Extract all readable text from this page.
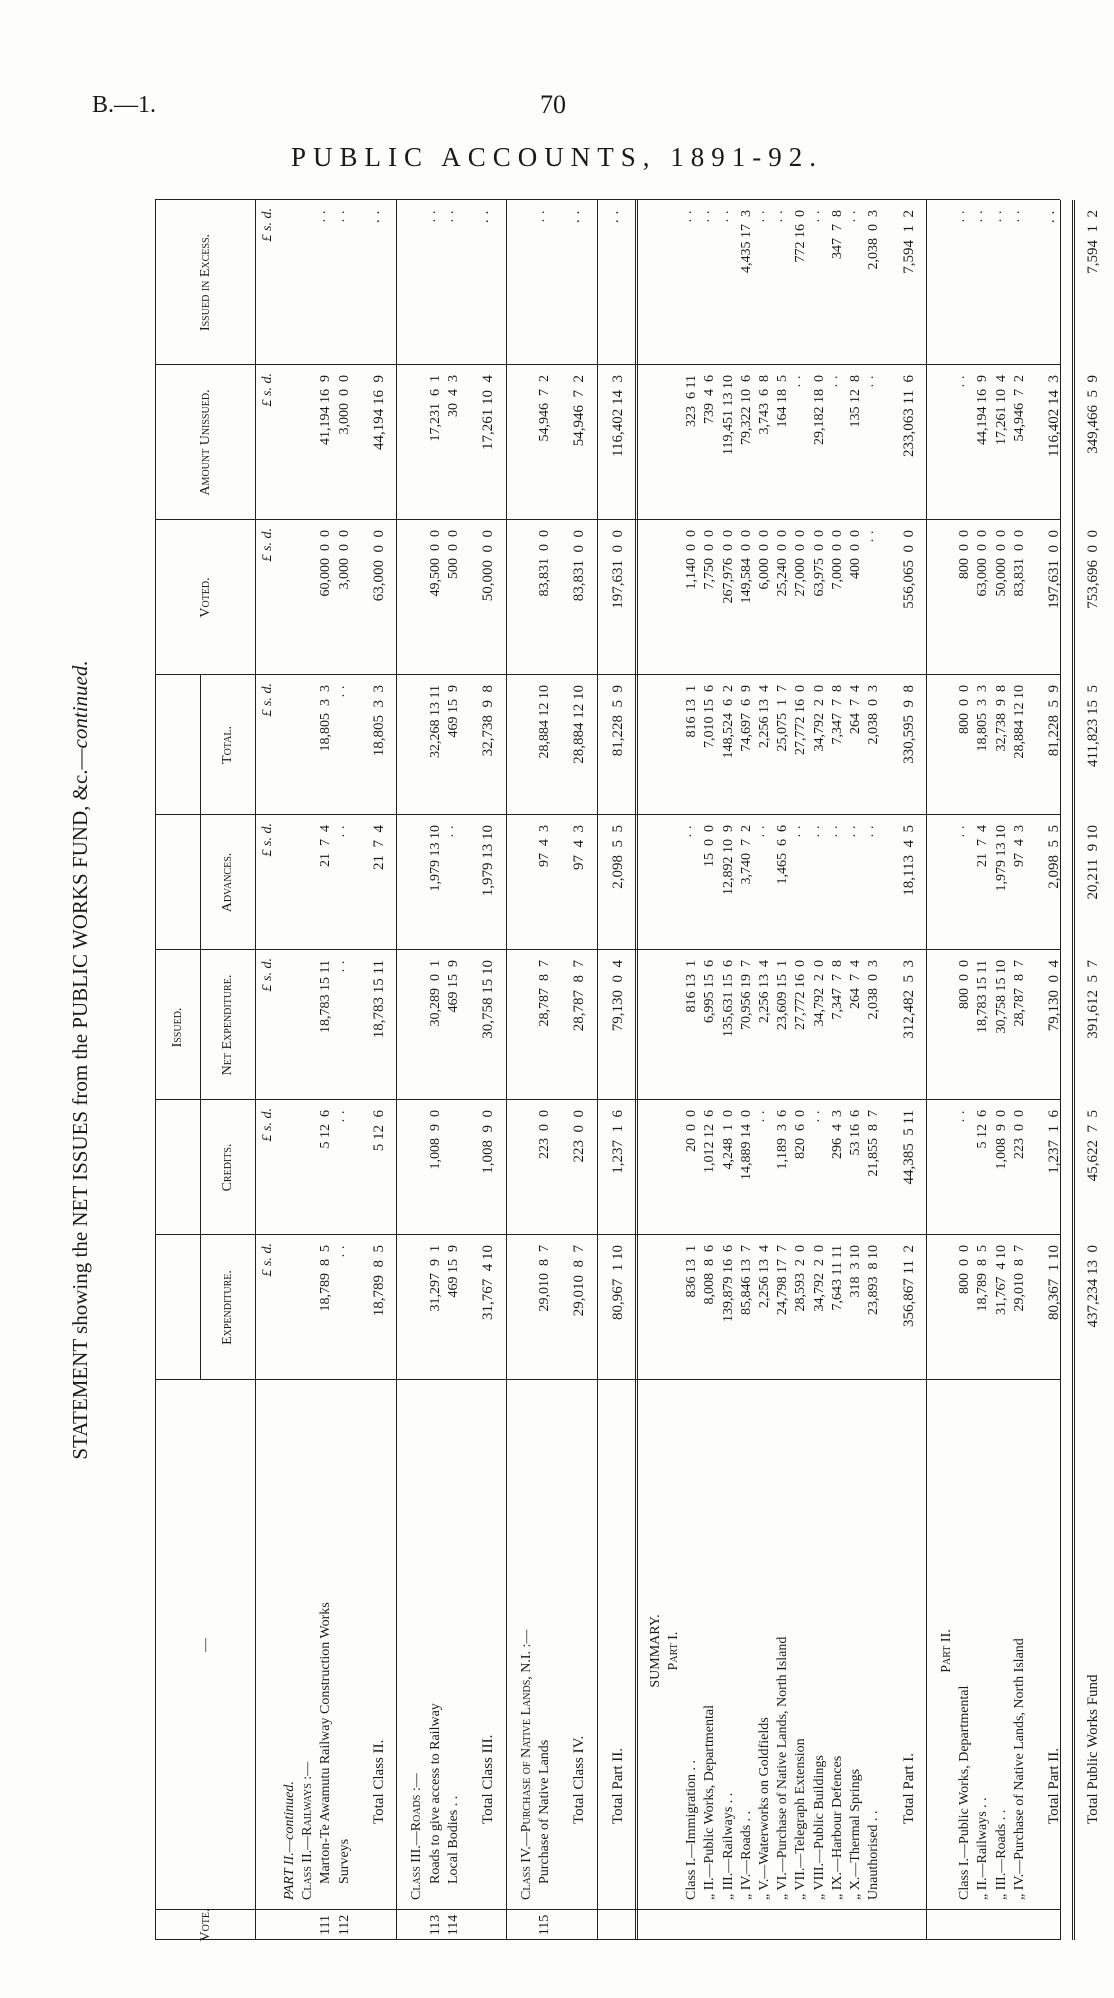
B.—1.	70
PUBLIC ACCOUNTS, 1891-92.
STATEMENT showing the NET ISSUES from the PUBLIC WORKS FUND, &c.—continued.
Issued.
Vote.
—
Expenditure.
Credits.
Net Expenditure.
Advances.
Total.
Voted.
Amount Unissued.
Issued in Excess.
£ s. d.
£ s. d.
£ s. d.
£ s. d.
£ s. d.
£ s. d.
£ s. d.
£ s. d.
PART II.—continued. Class II.—Railways :—
111
Marton-Te Awamutu Railway Construction Works
18,789  8  5
5 12  6
18,783 15 11
21  7  4
18,805  3  3
60,000  0  0
41,194 16  9
· ·
112
Surveys
· ·
· ·
· ·
· ·
· ·
3,000  0  0
3,000  0  0
· ·
Total Class II.
18,789  8  5
5 12  6
18,783 15 11
21  7  4
18,805  3  3
63,000  0  0
44,194 16  9
· ·
Class III.—Roads :—
113
Roads to give access to Railway
31,297  9  1
1,008  9  0
30,289  0  1
1,979 13 10
32,268 13 11
49,500  0  0
17,231  6  1
· ·
114
Local Bodies . .
469 15  9
469 15  9
· ·
469 15  9
500  0  0
30  4  3
· ·
Total Class III.
31,767  4 10
1,008  9  0
30,758 15 10
1,979 13 10
32,738  9  8
50,000  0  0
17,261 10  4
· ·
Class IV.—Purchase of Native Lands, N.I. :—
115
Purchase of Native Lands
29,010  8  7
223  0  0
28,787  8  7
97  4  3
28,884 12 10
83,831  0  0
54,946  7  2
· ·
Total Class IV.
29,010  8  7
223  0  0
28,787  8  7
97  4  3
28,884 12 10
83,831  0  0
54,946  7  2
· ·
Total Part II.
80,967  1 10
1,237  1  6
79,130  0  4
2,098  5  5
81,228  5  9
197,631  0  0
116,402 14  3
· ·
SUMMARY. Part I.
Class I.—Immigration . .
836 13  1
20  0  0
816 13  1
· ·
816 13  1
1,140  0  0
323  6 11
· ·
„ II.—Public Works, Departmental
8,008  8  6
1,012 12  6
6,995 15  6
15  0  0
7,010 15  6
7,750  0  0
739  4  6
· ·
„ III.—Railways . .
139,879 16  6
4,248  1  0
135,631 15  6
12,892 10  9
148,524  6  2
267,976  0  0
119,451 13 10
· ·
„ IV.—Roads . .
85,846 13  7
14,889 14  0
70,956 19  7
3,740  7  2
74,697  6  9
149,584  0  0
79,322 10  6
4,435 17  3
„ V.—Waterworks on Goldfields
2,256 13  4
· ·
2,256 13  4
· ·
2,256 13  4
6,000  0  0
3,743  6  8
· ·
„ VI.—Purchase of Native Lands, North Island
24,798 17  7
1,189  3  6
23,609 15  1
1,465  6  6
25,075  1  7
25,240  0  0
164 18  5
· ·
„ VII.—Telegraph Extension
28,593  2  0
820  6  0
27,772 16  0
· ·
27,772 16  0
27,000  0  0
· ·
772 16  0
„ VIII.—Public Buildings
34,792  2  0
· ·
34,792  2  0
· ·
34,792  2  0
63,975  0  0
29,182 18  0
· ·
„ IX.—Harbour Defences
7,643 11 11
296  4  3
7,347  7  8
· ·
7,347  7  8
7,000  0  0
· ·
347  7  8
„ X.—Thermal Springs
318  3 10
53 16  6
264  7  4
· ·
264  7  4
400  0  0
135 12  8
· ·
Unauthorised . .
23,893  8 10
21,855  8  7
2,038  0  3
· ·
2,038  0  3
· ·
· ·
2,038  0  3
Total Part I.
356,867 11  2
44,385  5 11
312,482  5  3
18,113  4  5
330,595  9  8
556,065  0  0
233,063 11  6
7,594  1  2
Part II.
Class I.—Public Works, Departmental
800  0  0
· ·
800  0  0
· ·
800  0  0
800  0  0
· ·
· ·
„ II.—Railways . .
18,789  8  5
5 12  6
18,783 15 11
21  7  4
18,805  3  3
63,000  0  0
44,194 16  9
· ·
„ III.—Roads . .
31,767  4 10
1,008  9  0
30,758 15 10
1,979 13 10
32,738  9  8
50,000  0  0
17,261 10  4
· ·
„ IV.—Purchase of Native Lands, North Island
29,010  8  7
223  0  0
28,787  8  7
97  4  3
28,884 12 10
83,831  0  0
54,946  7  2
· ·
Total Part II.
80,367  1 10
1,237  1  6
79,130  0  4
2,098  5  5
81,228  5  9
197,631  0  0
116,402 14  3
· ·
Total Public Works Fund
437,234 13  0
45,622  7  5
391,612  5  7
20,211  9 10
411,823 15  5
753,696  0  0
349,466  5  9
7,594  1  2
